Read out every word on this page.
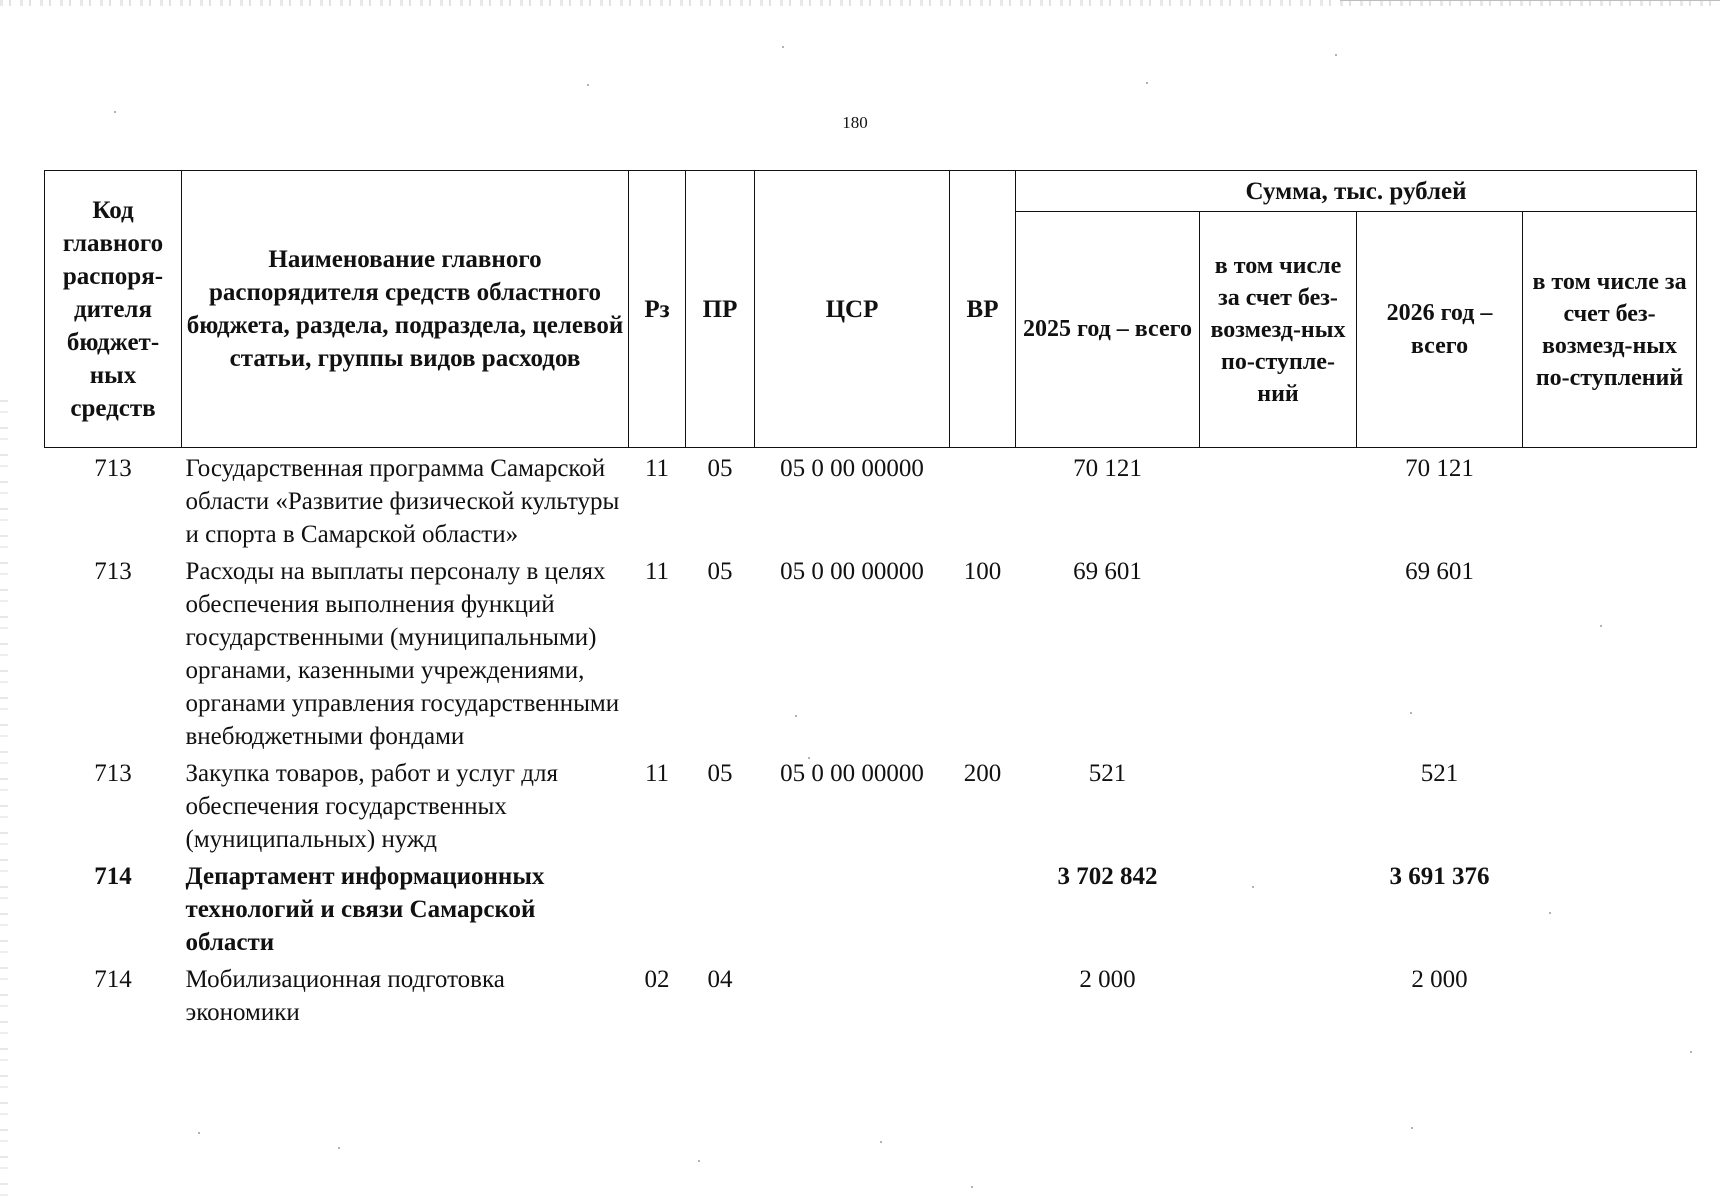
180
Код главного распоря-дителя бюджет-ных средств	Наименование главного распорядителя средств областного бюджета, раздела, подраздела, целевой статьи, группы видов расходов	Рз	ПР	ЦСР	ВР	Сумма, тыс. рублей			
						2025 год – всего	в том числе за счет без-возмезд-ных по-ступле-ний	2026 год – всего	в том числе за счет без-возмезд-ных по-ступлений
713	Государственная программа Самарской области «Развитие физической культуры и спорта в Самарской области»	11	05	05 0 00 00000		70 121		70 121	
713	Расходы на выплаты персоналу в целях обеспечения выполнения функций государственными (муниципальными) органами, казенными учреждениями, органами управления государственными внебюджетными фондами	11	05	05 0 00 00000	100	69 601		69 601	
713	Закупка товаров, работ и услуг для обеспечения государственных (муниципальных) нужд	11	05	05 0 00 00000	200	521		521	
714	Департамент информационных технологий и связи Самарской области					3 702 842		3 691 376	
714	Мобилизационная подготовка экономики	02	04			2 000		2 000	
